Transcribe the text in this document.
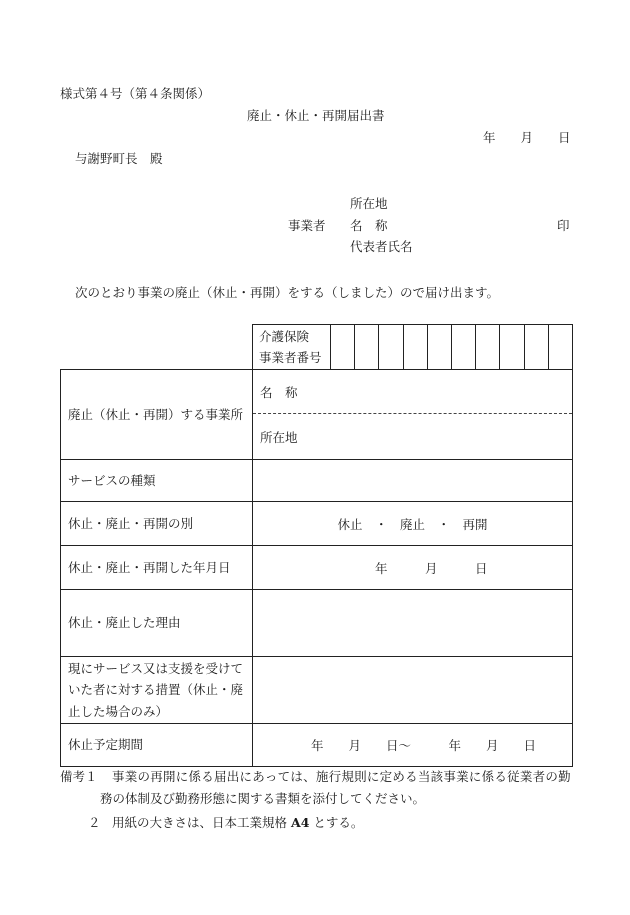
様式第４号（第４条関係）
廃止・休止・再開届出書
年　　月　　日
与謝野町長　殿
所在地
事業者 名　称	印
代表者氏名
次のとおり事業の廃止（休止・再開）をする（しました）ので届け出ます。
介護保険
事業者番号

廃止（休止・再開）する事業所	名　称
所在地

サービスの種類	
休止・廃止・再開の別	休止　・　廃止　・　再開
休止・廃止・再開した年月日	年　　　月　　　日
休止・廃止した理由	
現にサービス又は支援を受けていた者に対する措置（休止・廃止した場合のみ）	
休止予定期間	年　　月　　日～　　　年　　月　　日
備考１ 事業の再開に係る届出にあっては、施行規則に定める当該事業に係る従業者の勤
務の体制及び勤務形態に関する書類を添付してください。
２ 用紙の大きさは、日本工業規格 A4 とする。
